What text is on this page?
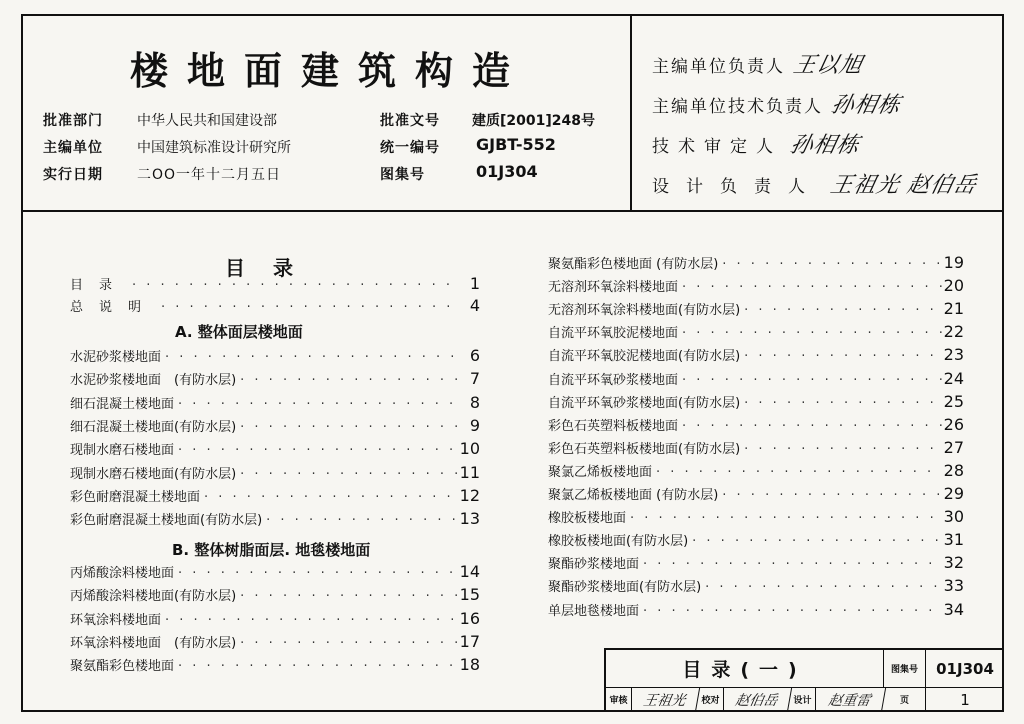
楼地面建筑构造
批准部门 中华人民共和国建设部
主编单位 中国建筑标准设计研究所
实行日期 二OO一年十二月五日
批准文号 建质[2001]248号
统一编号 GJBT-552
图集号	01J304
主编单位负责人 王以旭
主编单位技术负责人 孙相栋
技术审定人 孙相栋
设计负责人 王祖光 赵伯岳
目录
目录 · · ·	1
总说明 · · ·	4
A. 整体面层楼地面
水泥砂浆楼地面 · · ·	6
水泥砂浆楼地面　(有防水层) · · ·	7
细石混凝土楼地面 · · ·	8
细石混凝土楼地面(有防水层) · · ·	9
现制水磨石楼地面 · · ·	10
现制水磨石楼地面(有防水层) · · ·	11
彩色耐磨混凝土楼地面 · · ·	12
彩色耐磨混凝土楼地面(有防水层) · · ·	13
B. 整体树脂面层. 地毯楼地面
丙烯酸涂料楼地面 · · ·	14
丙烯酸涂料楼地面(有防水层) · · ·	15
环氧涂料楼地面 · · ·	16
环氧涂料楼地面　(有防水层) · · ·	17
聚氨酯彩色楼地面 · · ·	18
聚氨酯彩色楼地面 (有防水层) · · ·	19
无溶剂环氧涂料楼地面 · · ·	20
无溶剂环氧涂料楼地面(有防水层) · · ·	21
自流平环氧胶泥楼地面 · · ·	22
自流平环氧胶泥楼地面(有防水层) · · ·	23
自流平环氧砂浆楼地面 · · ·	24
自流平环氧砂浆楼地面(有防水层) · · ·	25
彩色石英塑料板楼地面 · · ·	26
彩色石英塑料板楼地面(有防水层) · · ·	27
聚氯乙烯板楼地面 · · ·	28
聚氯乙烯板楼地面 (有防水层) · · ·	29
橡胶板楼地面 · · ·	30
橡胶板楼地面(有防水层) · · ·	31
聚酯砂浆楼地面 · · ·	32
聚酯砂浆楼地面(有防水层) · · ·	33
单层地毯楼地面 · · ·	34
目录(一)	图集号	01J304
审核	王祖光	校对	赵伯岳	设计	赵重雷	页	1
